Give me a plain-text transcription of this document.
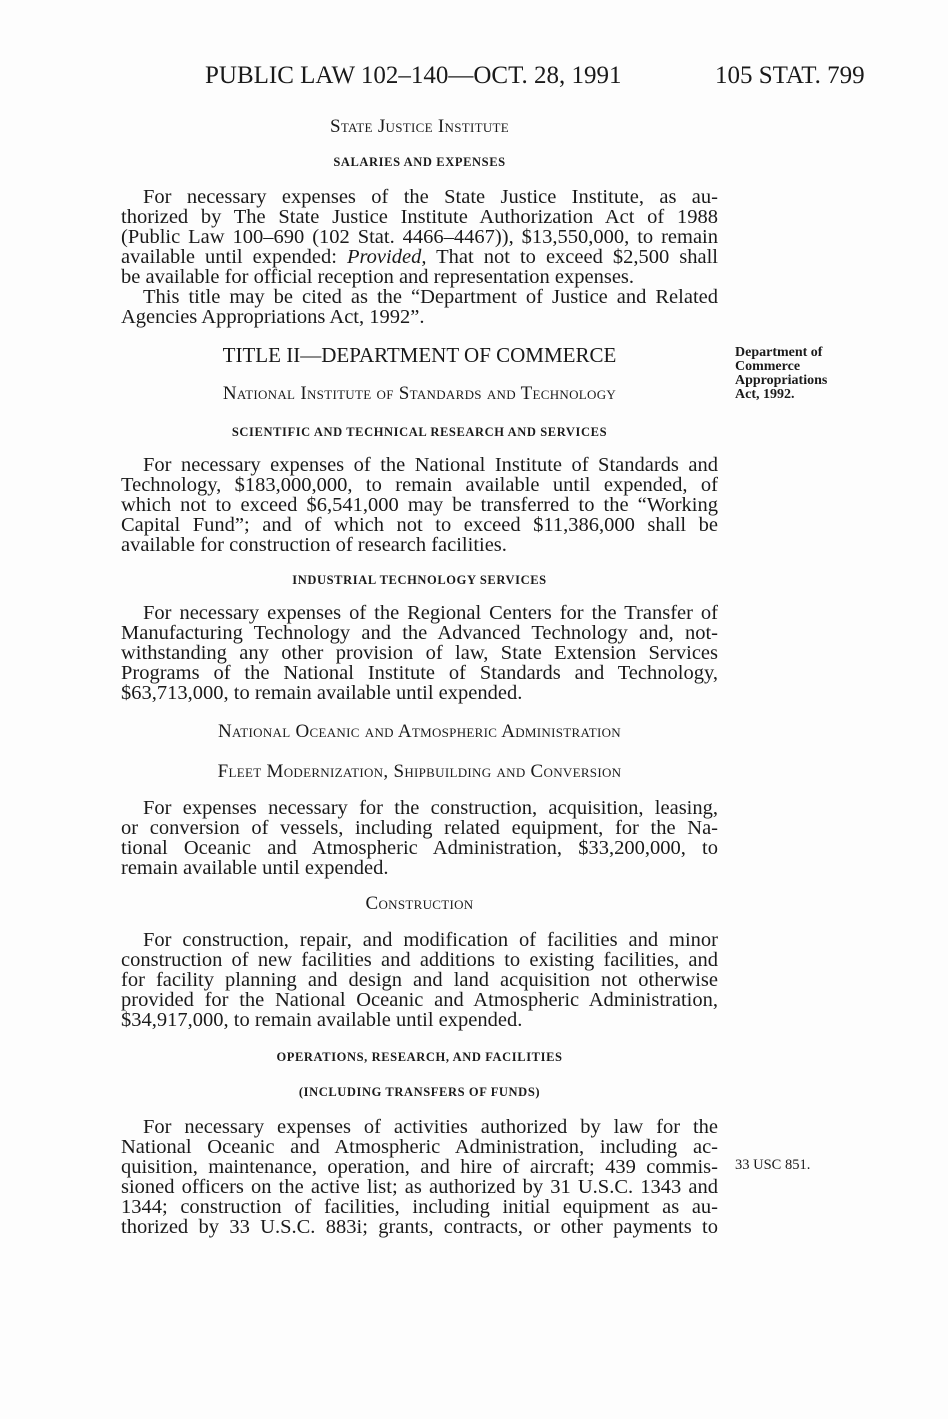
PUBLIC LAW 102–140—OCT. 28, 1991	105 STAT. 799
State Justice Institute
SALARIES AND EXPENSES
For necessary expenses of the State Justice Institute, as au-
thorized by The State Justice Institute Authorization Act of 1988
(Public Law 100–690 (102 Stat. 4466–4467)), $13,550,000, to remain
available until expended: Provided, That not to exceed $2,500 shall
be available for official reception and representation expenses.
This title may be cited as the “Department of Justice and Related
Agencies Appropriations Act, 1992”.
TITLE II—DEPARTMENT OF COMMERCE	Department of
Commerce
Appropriations
Act, 1992.
National Institute of Standards and Technology
SCIENTIFIC AND TECHNICAL RESEARCH AND SERVICES
For necessary expenses of the National Institute of Standards and
Technology, $183,000,000, to remain available until expended, of
which not to exceed $6,541,000 may be transferred to the “Working
Capital Fund”; and of which not to exceed $11,386,000 shall be
available for construction of research facilities.
INDUSTRIAL TECHNOLOGY SERVICES
For necessary expenses of the Regional Centers for the Transfer of
Manufacturing Technology and the Advanced Technology and, not-
withstanding any other provision of law, State Extension Services
Programs of the National Institute of Standards and Technology,
$63,713,000, to remain available until expended.
National Oceanic and Atmospheric Administration
Fleet Modernization, Shipbuilding and Conversion
For expenses necessary for the construction, acquisition, leasing,
or conversion of vessels, including related equipment, for the Na-
tional Oceanic and Atmospheric Administration, $33,200,000, to
remain available until expended.
Construction
For construction, repair, and modification of facilities and minor
construction of new facilities and additions to existing facilities, and
for facility planning and design and land acquisition not otherwise
provided for the National Oceanic and Atmospheric Administration,
$34,917,000, to remain available until expended.
OPERATIONS, RESEARCH, AND FACILITIES
(INCLUDING TRANSFERS OF FUNDS)
For necessary expenses of activities authorized by law for the
National Oceanic and Atmospheric Administration, including ac-
quisition, maintenance, operation, and hire of aircraft; 439 commis-
sioned officers on the active list; as authorized by 31 U.S.C. 1343 and
1344; construction of facilities, including initial equipment as au-
thorized by 33 U.S.C. 883i; grants, contracts, or other payments to
33 USC 851.
